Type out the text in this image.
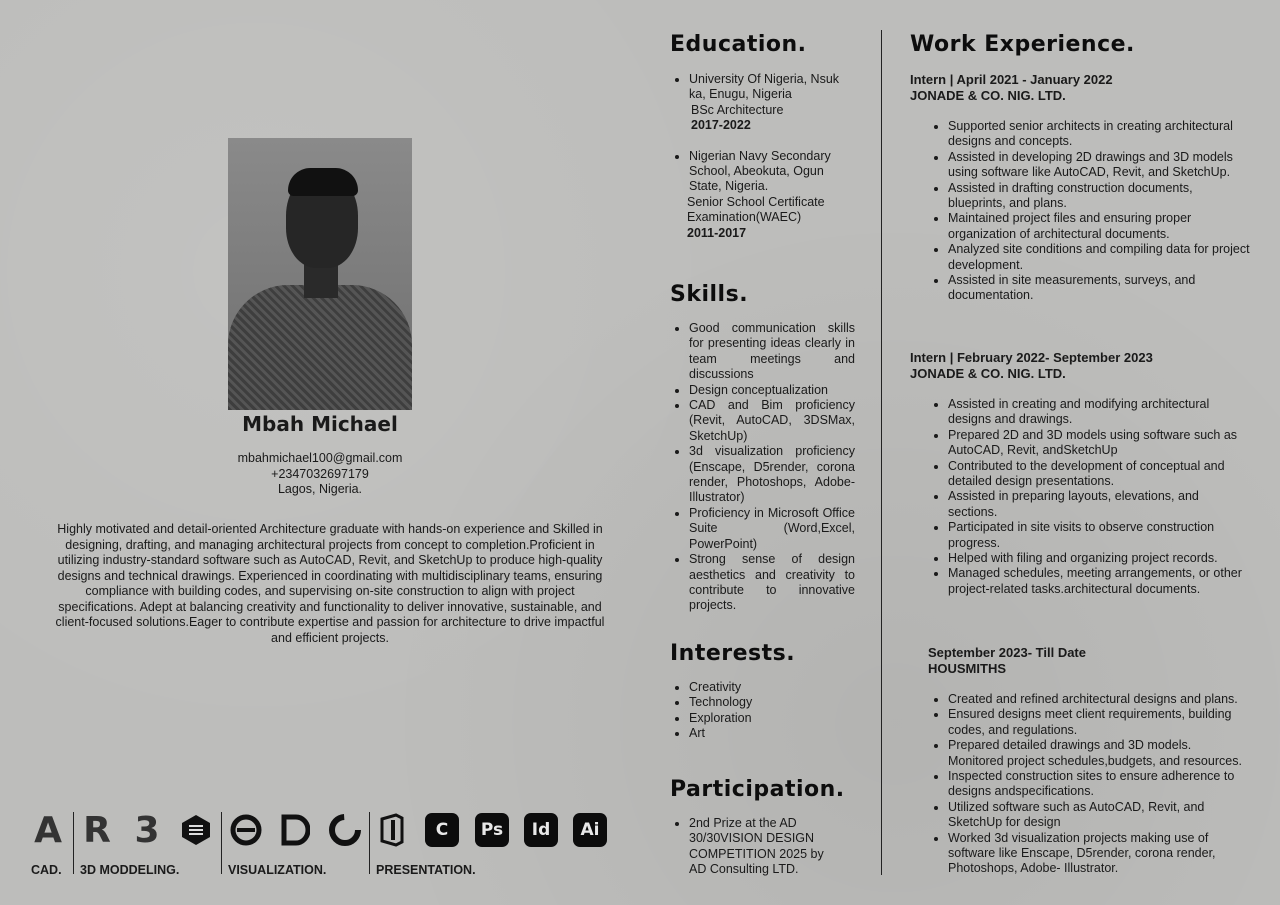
Mbah Michael
mbahmichael100@gmail.com
+2347032697179
Lagos, Nigeria.
Highly motivated and detail-oriented Architecture graduate with hands-on experience and Skilled in designing, drafting, and managing architectural projects from concept to completion.Proficient in utilizing industry-standard software such as AutoCAD, Revit, and SketchUp to produce high-quality designs and technical drawings. Experienced in coordinating with multidisciplinary teams, ensuring compliance with building codes, and supervising on-site construction to align with project specifications. Adept at balancing creativity and functionality to deliver innovative, sustainable, and client-focused solutions.Eager to contribute expertise and passion for architecture to drive impactful and efficient projects.
A R 3	C Ps Id Ai
CAD. 3D MODDELING.	VISUALIZATION.	PRESENTATION.
Education.
• University Of Nigeria, Nsuk ka, Enugu, Nigeria
BSc Architecture
2017-2022
• Nigerian Navy Secondary School, Abeokuta, Ogun State, Nigeria.
Senior School Certificate Examination(WAEC)
2011-2017
Skills.
• Good communication skills for presenting ideas clearly in team meetings and discussions
• Design conceptualization
• CAD and Bim proficiency (Revit, AutoCAD, 3DSMax, SketchUp)
• 3d visualization proficiency (Enscape, D5render, corona render, Photoshops, Adobe-Illustrator)
• Proficiency in Microsoft Office Suite (Word,Excel, PowerPoint)
• Strong sense of design aesthetics and creativity to contribute to innovative projects.
Interests.
• Creativity
• Technology
• Exploration
• Art
Participation.
• 2nd Prize at the AD 30/30VISION DESIGN COMPETITION 2025 by AD Consulting LTD.
Work Experience.
Intern | April 2021 - January 2022
JONADE & CO. NIG. LTD.
• Supported senior architects in creating architectural designs and concepts.
• Assisted in developing 2D drawings and 3D models using software like AutoCAD, Revit, and SketchUp.
• Assisted in drafting construction documents, blueprints, and plans.
• Maintained project files and ensuring proper organization of architectural documents.
• Analyzed site conditions and compiling data for project development.
• Assisted in site measurements, surveys, and documentation.
Intern | February 2022- September 2023
JONADE & CO. NIG. LTD.
• Assisted in creating and modifying architectural designs and drawings.
• Prepared 2D and 3D models using software such as AutoCAD, Revit, andSketchUp
• Contributed to the development of conceptual and detailed design presentations.
• Assisted in preparing layouts, elevations, and sections.
• Participated in site visits to observe construction progress.
• Helped with filing and organizing project records.
• Managed schedules, meeting arrangements, or other project-related tasks.architectural documents.
September 2023- Till Date
HOUSMITHS
• Created and refined architectural designs and plans.
• Ensured designs meet client requirements, building codes, and regulations.
• Prepared detailed drawings and 3D models. Monitored project schedules,budgets, and resources.
• Inspected construction sites to ensure adherence to designs andspecifications.
• Utilized software such as AutoCAD, Revit, and SketchUp for design
• Worked 3d visualization projects making use of software like Enscape, D5render, corona render, Photoshops, Adobe- Illustrator.
